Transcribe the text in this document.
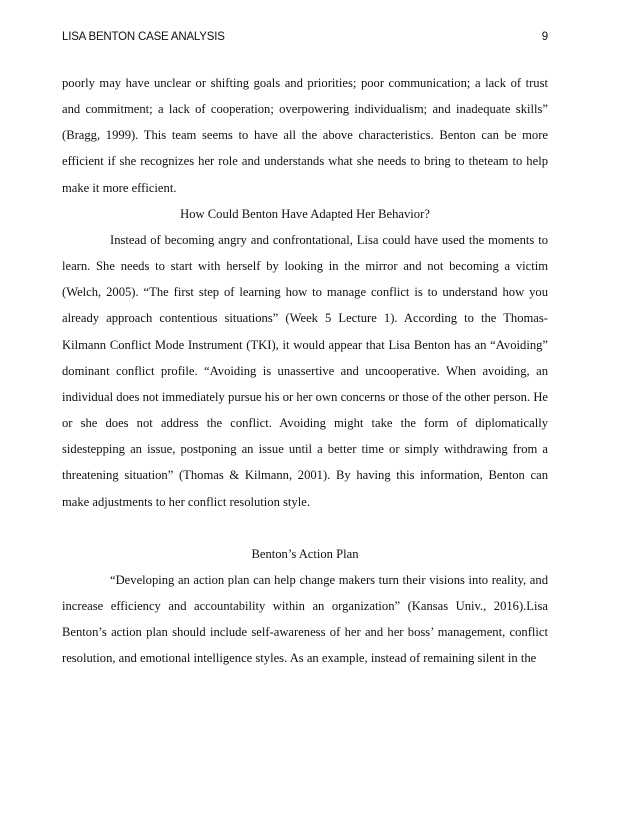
LISA BENTON CASE ANALYSIS	9

poorly may have unclear or shifting goals and priorities; poor communication; a lack of trust and commitment; a lack of cooperation; overpowering individualism; and inadequate skills” (Bragg, 1999). This team seems to have all the above characteristics. Benton can be more efficient if she recognizes her role and understands what she needs to bring to theteam to help make it more efficient.

How Could Benton Have Adapted Her Behavior?

Instead of becoming angry and confrontational, Lisa could have used the moments to learn. She needs to start with herself by looking in the mirror and not becoming a victim (Welch, 2005). “The first step of learning how to manage conflict is to understand how you already approach contentious situations” (Week 5 Lecture 1). According to the Thomas-Kilmann Conflict Mode Instrument (TKI), it would appear that Lisa Benton has an “Avoiding” dominant conflict profile. “Avoiding is unassertive and uncooperative. When avoiding, an individual does not immediately pursue his or her own concerns or those of the other person. He or she does not address the conflict. Avoiding might take the form of diplomatically sidestepping an issue, postponing an issue until a better time or simply withdrawing from a threatening situation” (Thomas & Kilmann, 2001). By having this information, Benton can make adjustments to her conflict resolution style.

Benton’s Action Plan

“Developing an action plan can help change makers turn their visions into reality, and increase efficiency and accountability within an organization” (Kansas Univ., 2016).Lisa Benton’s action plan should include self-awareness of her and her boss’ management, conflict resolution, and emotional intelligence styles. As an example, instead of remaining silent in the
